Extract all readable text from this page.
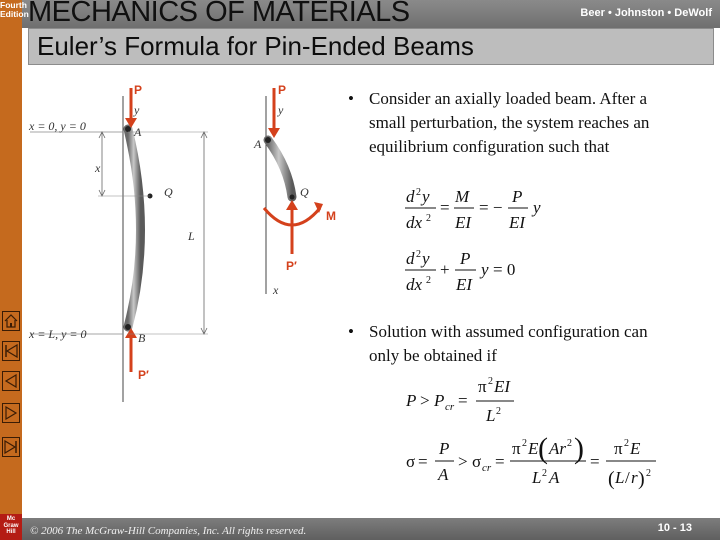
MECHANICS OF MATERIALS	Beer • Johnston • DeWolf
Euler’s Formula for Pin-Ended Beams
Fourth
Edition
Mc
Graw
Hill
P
y
x = 0, y = 0	A
x
Q
L
x = L, y = 0	B
P′
P
y
A
Q
M
P′
x
• Consider an axially loaded beam. After a small perturbation, the system reaches an equilibrium configuration such that
d 2 y
dx 2
=
M
EI
= −
P
EI
y
d 2 y
dx 2
+
P
EI
y = 0
• Solution with assumed configuration can only be obtained if
P > P cr =
π 2 EI
L 2
σ =
P
A
> σ cr =
π 2 E ( Ar 2 )
L 2 A
=
π 2 E
( L / r ) 2
© 2006 The McGraw-Hill Companies, Inc. All rights reserved.	10 - 13
